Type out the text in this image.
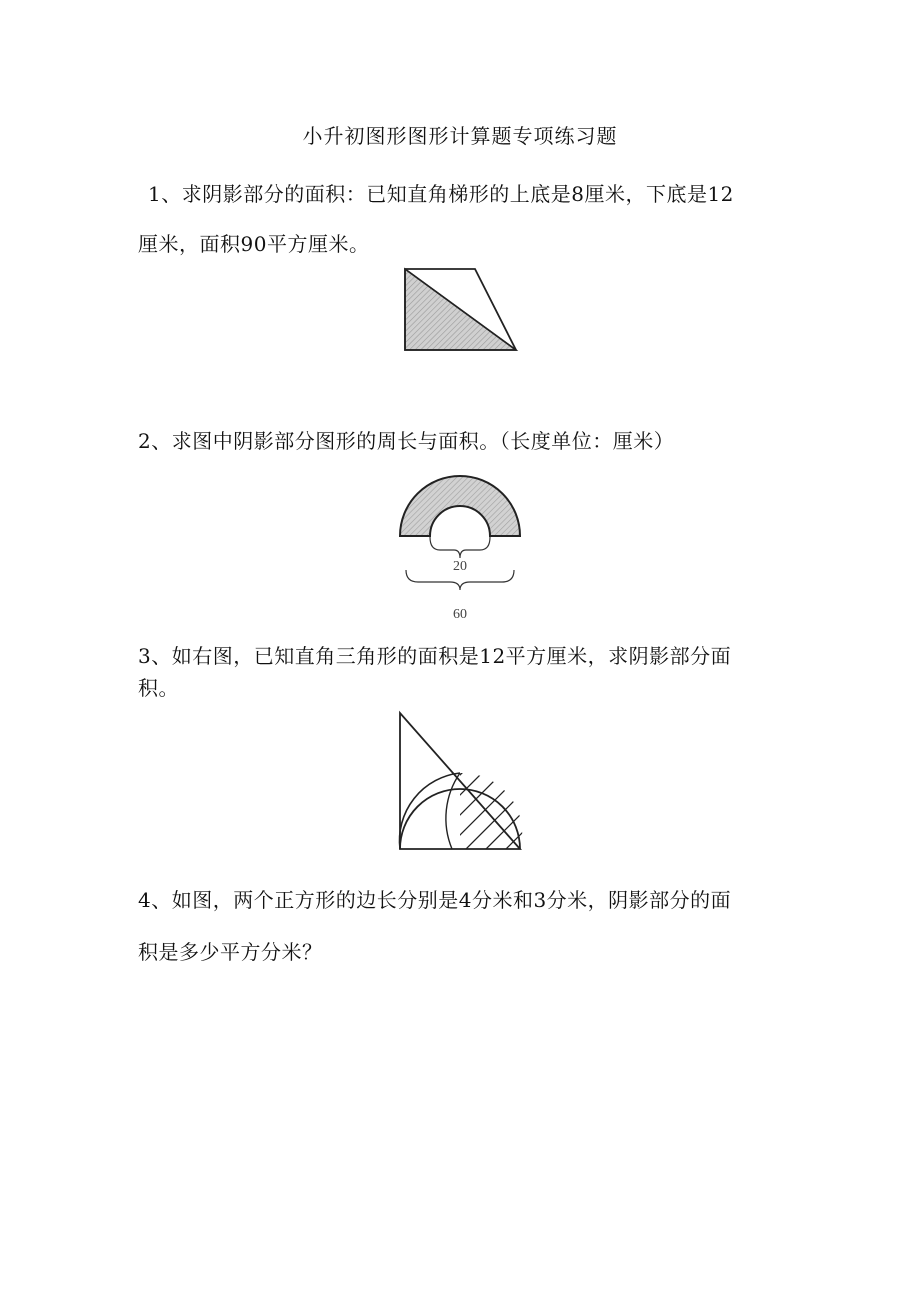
小升初图形图形计算题专项练习题
1、求阴影部分的面积：已知直角梯形的上底是8厘米，下底是12
厘米，面积90平方厘米。
2、求图中阴影部分图形的周长与面积。（长度单位：厘米）
20
60
3、如右图，已知直角三角形的面积是12平方厘米，求阴影部分面
积。
4、如图，两个正方形的边长分别是4分米和3分米，阴影部分的面
积是多少平方分米？
